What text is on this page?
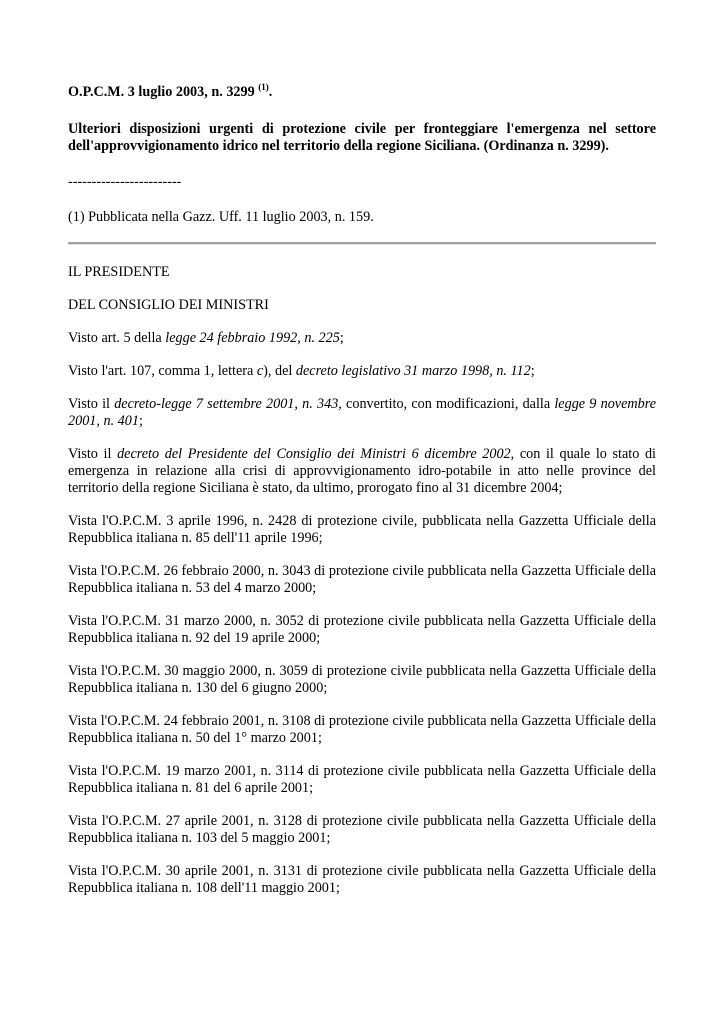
O.P.C.M. 3 luglio 2003, n. 3299 $^{(1)}$.

Ulteriori disposizioni urgenti di protezione civile per fronteggiare l'emergenza nel settore dell'approvvigionamento idrico nel territorio della regione Siciliana. (Ordinanza n. 3299).

------------------------

(1) Pubblicata nella Gazz. Uff. 11 luglio 2003, n. 159.

IL PRESIDENTE

DEL CONSIGLIO DEI MINISTRI

Visto art. 5 della legge 24 febbraio 1992, n. 225;

Visto l'art. 107, comma 1, lettera c), del decreto legislativo 31 marzo 1998, n. 112;

Visto il decreto-legge 7 settembre 2001, n. 343, convertito, con modificazioni, dalla legge 9 novembre 2001, n. 401;

Visto il decreto del Presidente del Consiglio dei Ministri 6 dicembre 2002, con il quale lo stato di emergenza in relazione alla crisi di approvvigionamento idro-potabile in atto nelle province del territorio della regione Siciliana è stato, da ultimo, prorogato fino al 31 dicembre 2004;

Vista l'O.P.C.M. 3 aprile 1996, n. 2428 di protezione civile, pubblicata nella Gazzetta Ufficiale della Repubblica italiana n. 85 dell'11 aprile 1996;

Vista l'O.P.C.M. 26 febbraio 2000, n. 3043 di protezione civile pubblicata nella Gazzetta Ufficiale della Repubblica italiana n. 53 del 4 marzo 2000;

Vista l'O.P.C.M. 31 marzo 2000, n. 3052 di protezione civile pubblicata nella Gazzetta Ufficiale della Repubblica italiana n. 92 del 19 aprile 2000;

Vista l'O.P.C.M. 30 maggio 2000, n. 3059 di protezione civile pubblicata nella Gazzetta Ufficiale della Repubblica italiana n. 130 del 6 giugno 2000;

Vista l'O.P.C.M. 24 febbraio 2001, n. 3108 di protezione civile pubblicata nella Gazzetta Ufficiale della Repubblica italiana n. 50 del 1° marzo 2001;

Vista l'O.P.C.M. 19 marzo 2001, n. 3114 di protezione civile pubblicata nella Gazzetta Ufficiale della Repubblica italiana n. 81 del 6 aprile 2001;

Vista l'O.P.C.M. 27 aprile 2001, n. 3128 di protezione civile pubblicata nella Gazzetta Ufficiale della Repubblica italiana n. 103 del 5 maggio 2001;

Vista l'O.P.C.M. 30 aprile 2001, n. 3131 di protezione civile pubblicata nella Gazzetta Ufficiale della Repubblica italiana n. 108 dell'11 maggio 2001;
